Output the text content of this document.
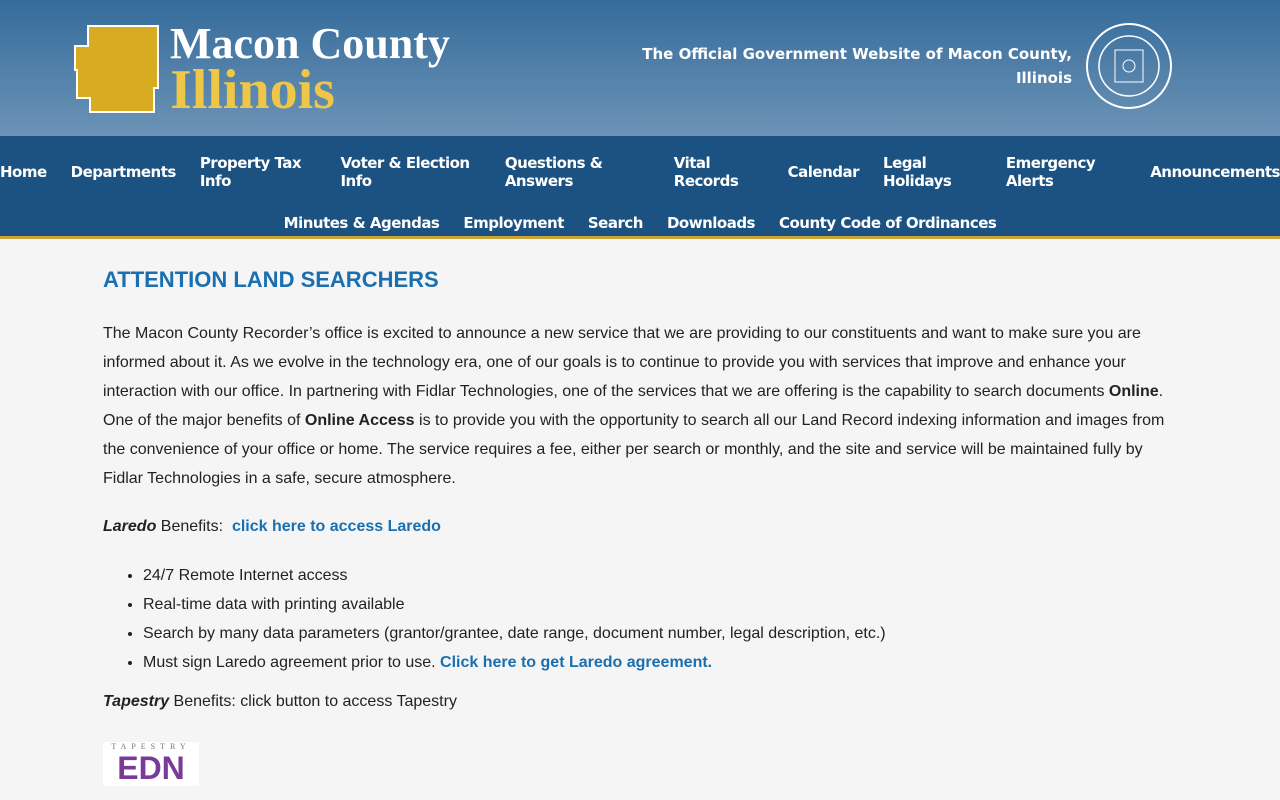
Macon County
Illinois
The Official Government Website of Macon County,
Illinois
Home Departments Property Tax Info
Voter & Election Info
Questions & Answers
Vital Records	Calendar Legal Holidays
Emergency Alerts	Announcements
Minutes & Agendas Employment Search Downloads County Code of Ordinances
ATTENTION LAND SEARCHERS

The Macon County Recorder’s office is excited to announce a new service that we are providing to our constituents and want to make sure you are informed about it. As we evolve in the technology era, one of our goals is to continue to provide you with services that improve and enhance your interaction with our office. In partnering with Fidlar Technologies, one of the services that we are offering is the capability to search documents Online. One of the major benefits of Online Access is to provide you with the opportunity to search all our Land Record indexing information and images from the convenience of your office or home. The service requires a fee, either per search or monthly, and the site and service will be maintained fully by Fidlar Technologies in a safe, secure atmosphere.

Laredo Benefits: click here to access Laredo

• 24/7 Remote Internet access
• Real-time data with printing available
• Search by many data parameters (grantor/grantee, date range, document number, legal description, etc.)
• Must sign Laredo agreement prior to use. Click here to get Laredo agreement.

Tapestry Benefits: click button to access Tapestry

TAPESTRY
EDN
